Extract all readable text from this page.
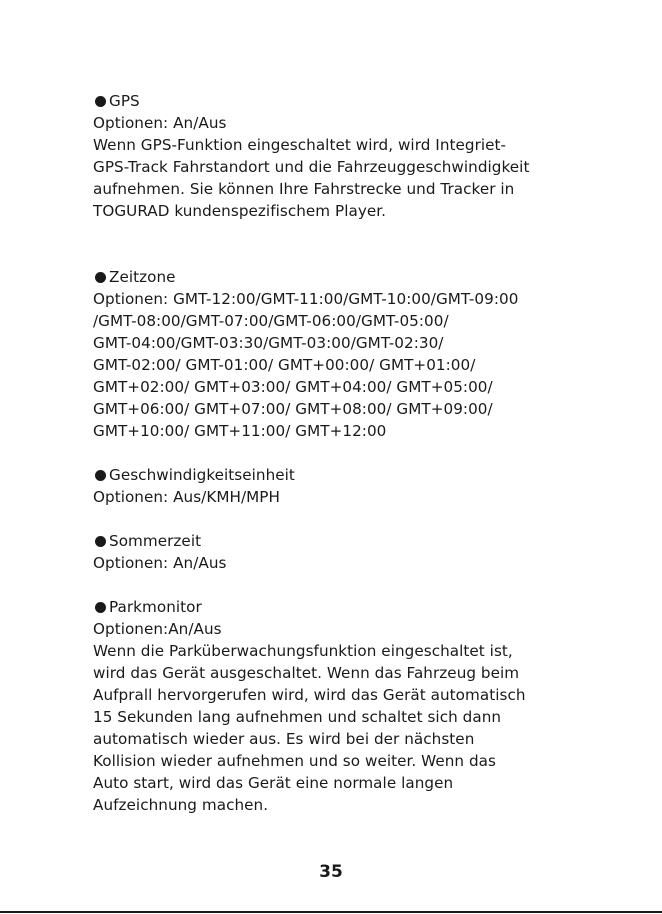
GPS
Optionen: An/Aus
Wenn GPS-Funktion eingeschaltet wird, wird Integriet-
GPS-Track Fahrstandort und die Fahrzeuggeschwindigkeit
aufnehmen. Sie können Ihre Fahrstrecke und Tracker in
TOGURAD kundenspezifischem Player.
Zeitzone
Optionen: GMT-12:00/GMT-11:00/GMT-10:00/GMT-09:00
/GMT-08:00/GMT-07:00/GMT-06:00/GMT-05:00/
GMT-04:00/GMT-03:30/GMT-03:00/GMT-02:30/
GMT-02:00/ GMT-01:00/ GMT+00:00/ GMT+01:00/
GMT+02:00/ GMT+03:00/ GMT+04:00/ GMT+05:00/
GMT+06:00/ GMT+07:00/ GMT+08:00/ GMT+09:00/
GMT+10:00/ GMT+11:00/ GMT+12:00
Geschwindigkeitseinheit
Optionen: Aus/KMH/MPH
Sommerzeit
Optionen: An/Aus
Parkmonitor
Optionen:An/Aus
Wenn die Parküberwachungsfunktion eingeschaltet ist,
wird das Gerät ausgeschaltet. Wenn das Fahrzeug beim
Aufprall hervorgerufen wird, wird das Gerät automatisch
15 Sekunden lang aufnehmen und schaltet sich dann
automatisch wieder aus. Es wird bei der nächsten
Kollision wieder aufnehmen und so weiter. Wenn das
Auto start, wird das Gerät eine normale langen
Aufzeichnung machen.
35
